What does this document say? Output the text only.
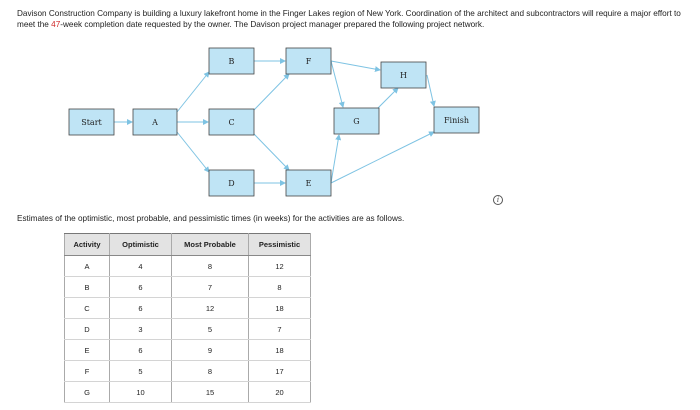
Davison Construction Company is building a luxury lakefront home in the Finger Lakes region of New York. Coordination of the architect and subcontractors will require a major effort to meet the 47-week completion date requested by the owner. The Davison project manager prepared the following project network.
Start	A
B
C
D
F
E
G
H
Finish
i
Estimates of the optimistic, most probable, and pessimistic times (in weeks) for the activities are as follows.
Activity	Optimistic	Most Probable	Pessimistic
A	4	8	12
B	6	7	8
C	6	12	18
D	3	5	7
E	6	9	18
F	5	8	17
G	10	15	20
